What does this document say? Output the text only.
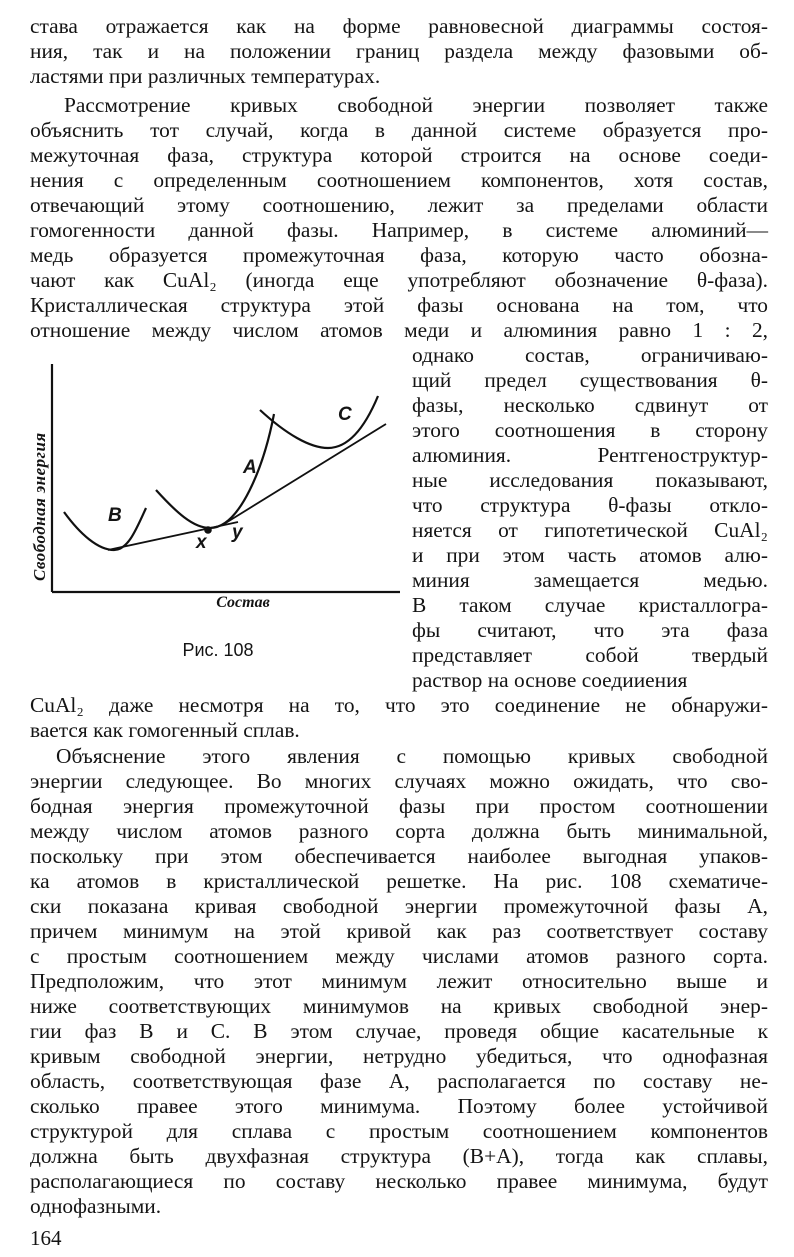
става отражается как на форме равновесной диаграммы состоя-
ния, так и на положении границ раздела между фазовыми об-
ластями при различных температурах.
Рассмотрение кривых свободной энергии позволяет также
объяснить тот случай, когда в данной системе образуется про-
межуточная фаза, структура которой строится на основе соеди-
нения с определенным соотношением компонентов, хотя состав,
отвечающий этому соотношению, лежит за пределами области
гомогенности данной фазы. Например, в системе алюминий—
медь образуется промежуточная фаза, которую часто обозна-
чают как CuAl₂ (иногда еще употребляют обозначение θ-фаза).
Кристаллическая структура этой фазы основана на том, что
отношение между числом атомов меди и алюминия равно 1 : 2,
однако состав, ограничиваю-
щий предел существования θ-
фазы, несколько сдвинут от
этого соотношения в сторону
алюминия. Рентгеноструктур-
ные исследования показывают,
что структура θ-фазы откло-
няется от гипотетической CuAl₂
и при этом часть атомов алю-
миния замещается медью.
В таком случае кристаллогра-
фы считают, что эта фаза
представляет собой твердый
раствор на основе соедииения
Свободная энергия
Состав
B
A
C
x y
Рис. 108
CuAl₂ даже несмотря на то, что это соединение не обнаружи-
вается как гомогенный сплав.
Объяснение этого явления с помощью кривых свободной
энергии следующее. Во многих случаях можно ожидать, что сво-
бодная энергия промежуточной фазы при простом соотношении
между числом атомов разного сорта должна быть минимальной,
поскольку при этом обеспечивается наиболее выгодная упаков-
ка атомов в кристаллической решетке. На рис. 108 схематиче-
ски показана кривая свободной энергии промежуточной фазы A,
причем минимум на этой кривой как раз соответствует составу
с простым соотношением между числами атомов разного сорта.
Предположим, что этот минимум лежит относительно выше и
ниже соответствующих минимумов на кривых свободной энер-
гии фаз B и C. В этом случае, проведя общие касательные к
кривым свободной энергии, нетрудно убедиться, что однофазная
область, соответствующая фазе A, располагается по составу не-
сколько правее этого минимума. Поэтому более устойчивой
структурой для сплава с простым соотношением компонентов
должна быть двухфазная структура (B+A), тогда как сплавы,
располагающиеся по составу несколько правее минимума, будут
однофазными.
164
